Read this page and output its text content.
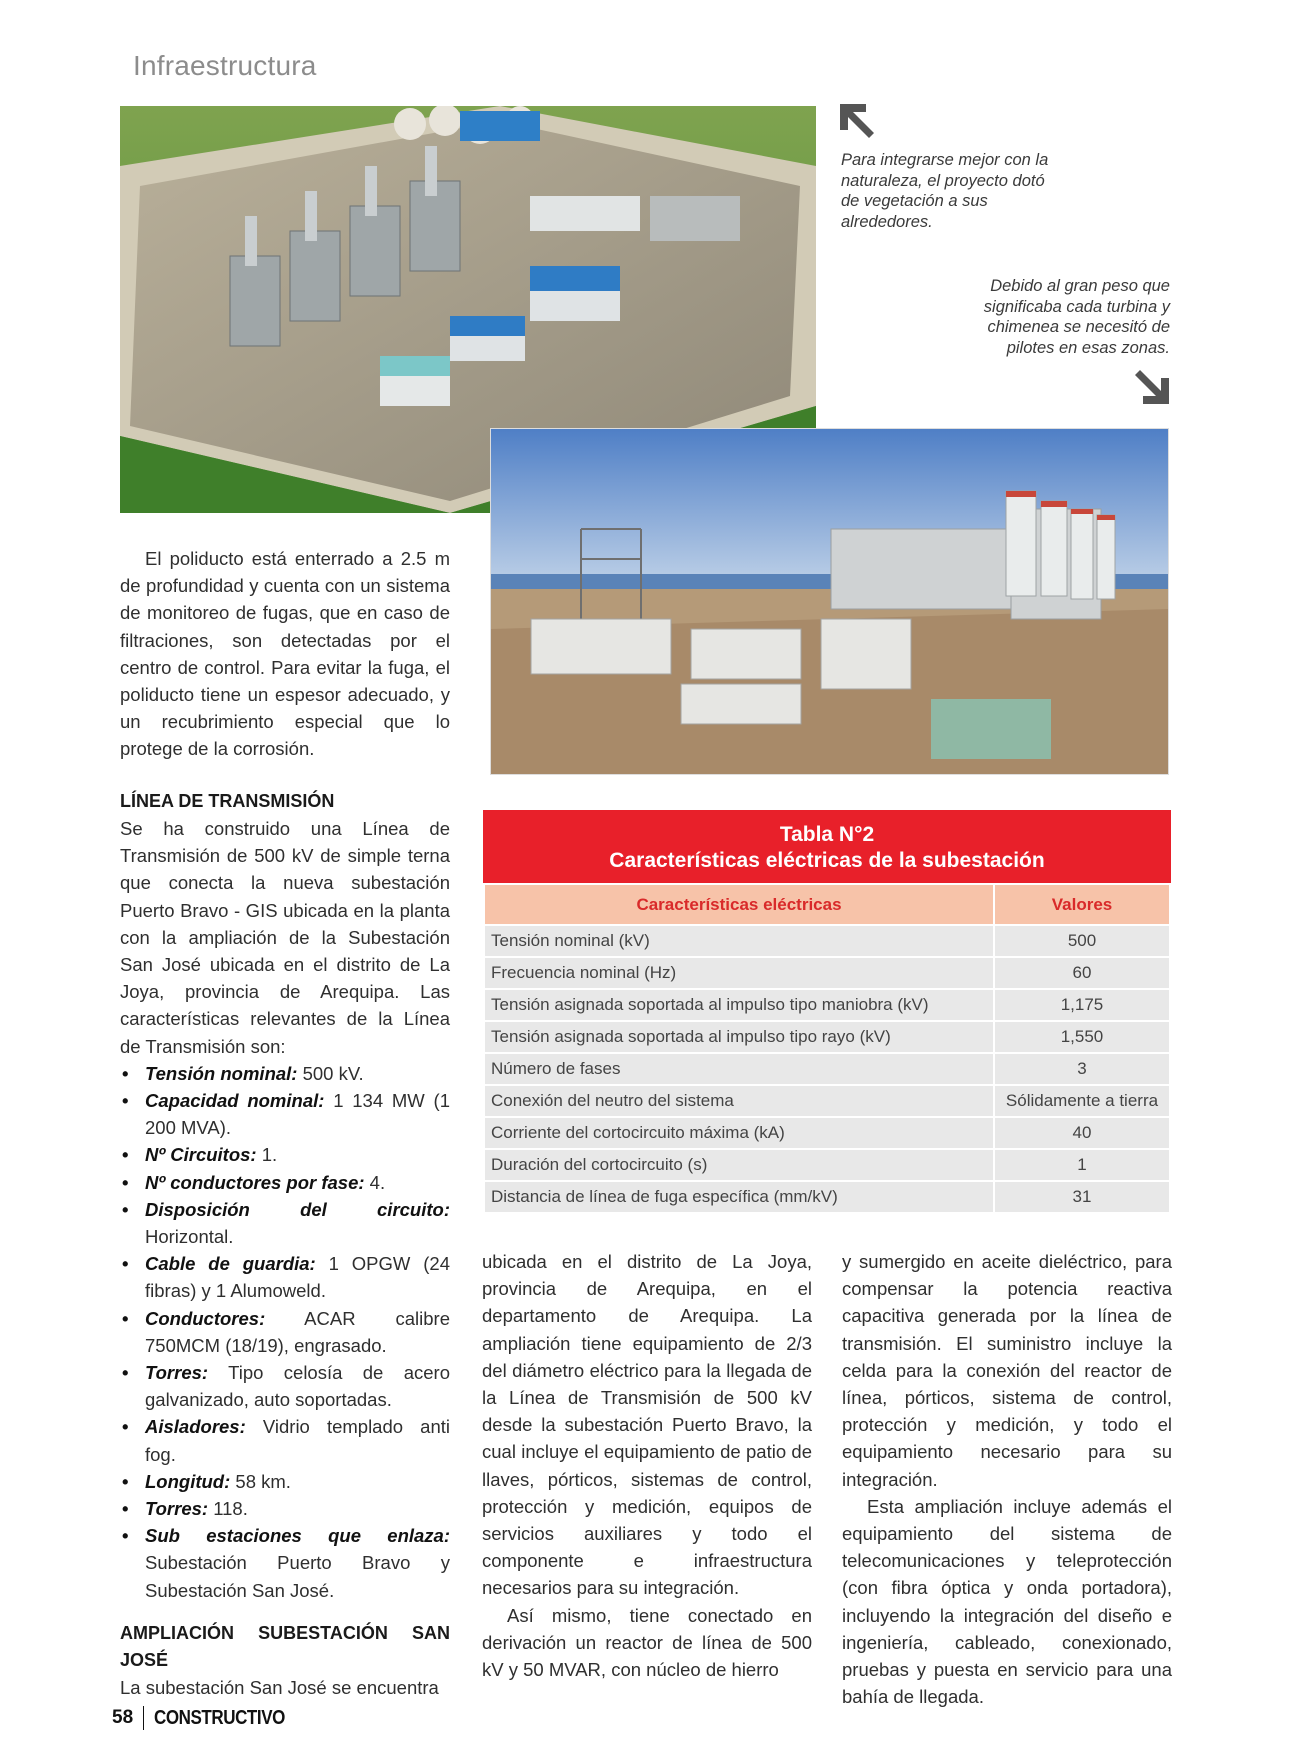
Infraestructura
Para integrarse mejor con la naturaleza, el proyecto dotó de vegetación a sus alrededores.
Debido al gran peso que significaba cada turbina y chimenea se necesitó de pilotes en esas zonas.

El poliducto está enterrado a 2.5 m de profundidad y cuenta con un sistema de monitoreo de fugas, que en caso de filtraciones, son detectadas por el centro de control. Para evitar la fuga, el poliducto tiene un espesor adecuado, y un recubrimiento especial que lo protege de la corrosión.

LÍNEA DE TRANSMISIÓN

Se ha construido una Línea de Transmisión de 500 kV de simple terna que conecta la nueva subestación Puerto Bravo - GIS ubicada en la planta con la ampliación de la Subestación San José ubicada en el distrito de La Joya, provincia de Arequipa. Las características relevantes de la Línea de Transmisión son:

• Tensión nominal: 500 kV.
• Capacidad nominal: 1 134 MW (1 200 MVA).
• Nº Circuitos: 1.
• Nº conductores por fase: 4.
• Disposición del circuito: Horizontal.
• Cable de guardia: 1 OPGW (24 fibras) y 1 Alumoweld.
• Conductores: ACAR calibre 750MCM (18/19), engrasado.
• Torres: Tipo celosía de acero galvanizado, auto soportadas.
• Aisladores: Vidrio templado anti fog.
• Longitud: 58 km.
• Torres: 118.
• Sub estaciones que enlaza: Subestación Puerto Bravo y Subestación San José.
AMPLIACIÓN SUBESTACIÓN SAN JOSÉ

La subestación San José se encuentra

Tabla N°2
Características eléctricas de la subestación
Características eléctricas	Valores
Tensión nominal (kV)	500
Frecuencia nominal (Hz)	60
Tensión asignada soportada al impulso tipo maniobra (kV)	1,175
Tensión asignada soportada al impulso tipo rayo (kV)	1,550
Número de fases	3
Conexión del neutro del sistema	Sólidamente a tierra
Corriente del cortocircuito máxima (kA)	40
Duración del cortocircuito (s)	1
Distancia de línea de fuga específica (mm/kV)	31

ubicada en el distrito de La Joya, provincia de Arequipa, en el departamento de Arequipa. La ampliación tiene equipamiento de 2/3 del diámetro eléctrico para la llegada de la Línea de Transmisión de 500 kV desde la subestación Puerto Bravo, la cual incluye el equipamiento de patio de llaves, pórticos, sistemas de control, protección y medición, equipos de servicios auxiliares y todo el componente e infraestructura necesarios para su integración.

Así mismo, tiene conectado en derivación un reactor de línea de 500 kV y 50 MVAR, con núcleo de hierro

y sumergido en aceite dieléctrico, para compensar la potencia reactiva capacitiva generada por la línea de transmisión. El suministro incluye la celda para la conexión del reactor de línea, pórticos, sistema de control, protección y medición, y todo el equipamiento necesario para su integración.

Esta ampliación incluye además el equipamiento del sistema de telecomunicaciones y teleprotección (con fibra óptica y onda portadora), incluyendo la integración del diseño e ingeniería, cableado, conexionado, pruebas y puesta en servicio para una bahía de llegada.

58 CONSTRUCTIVO
